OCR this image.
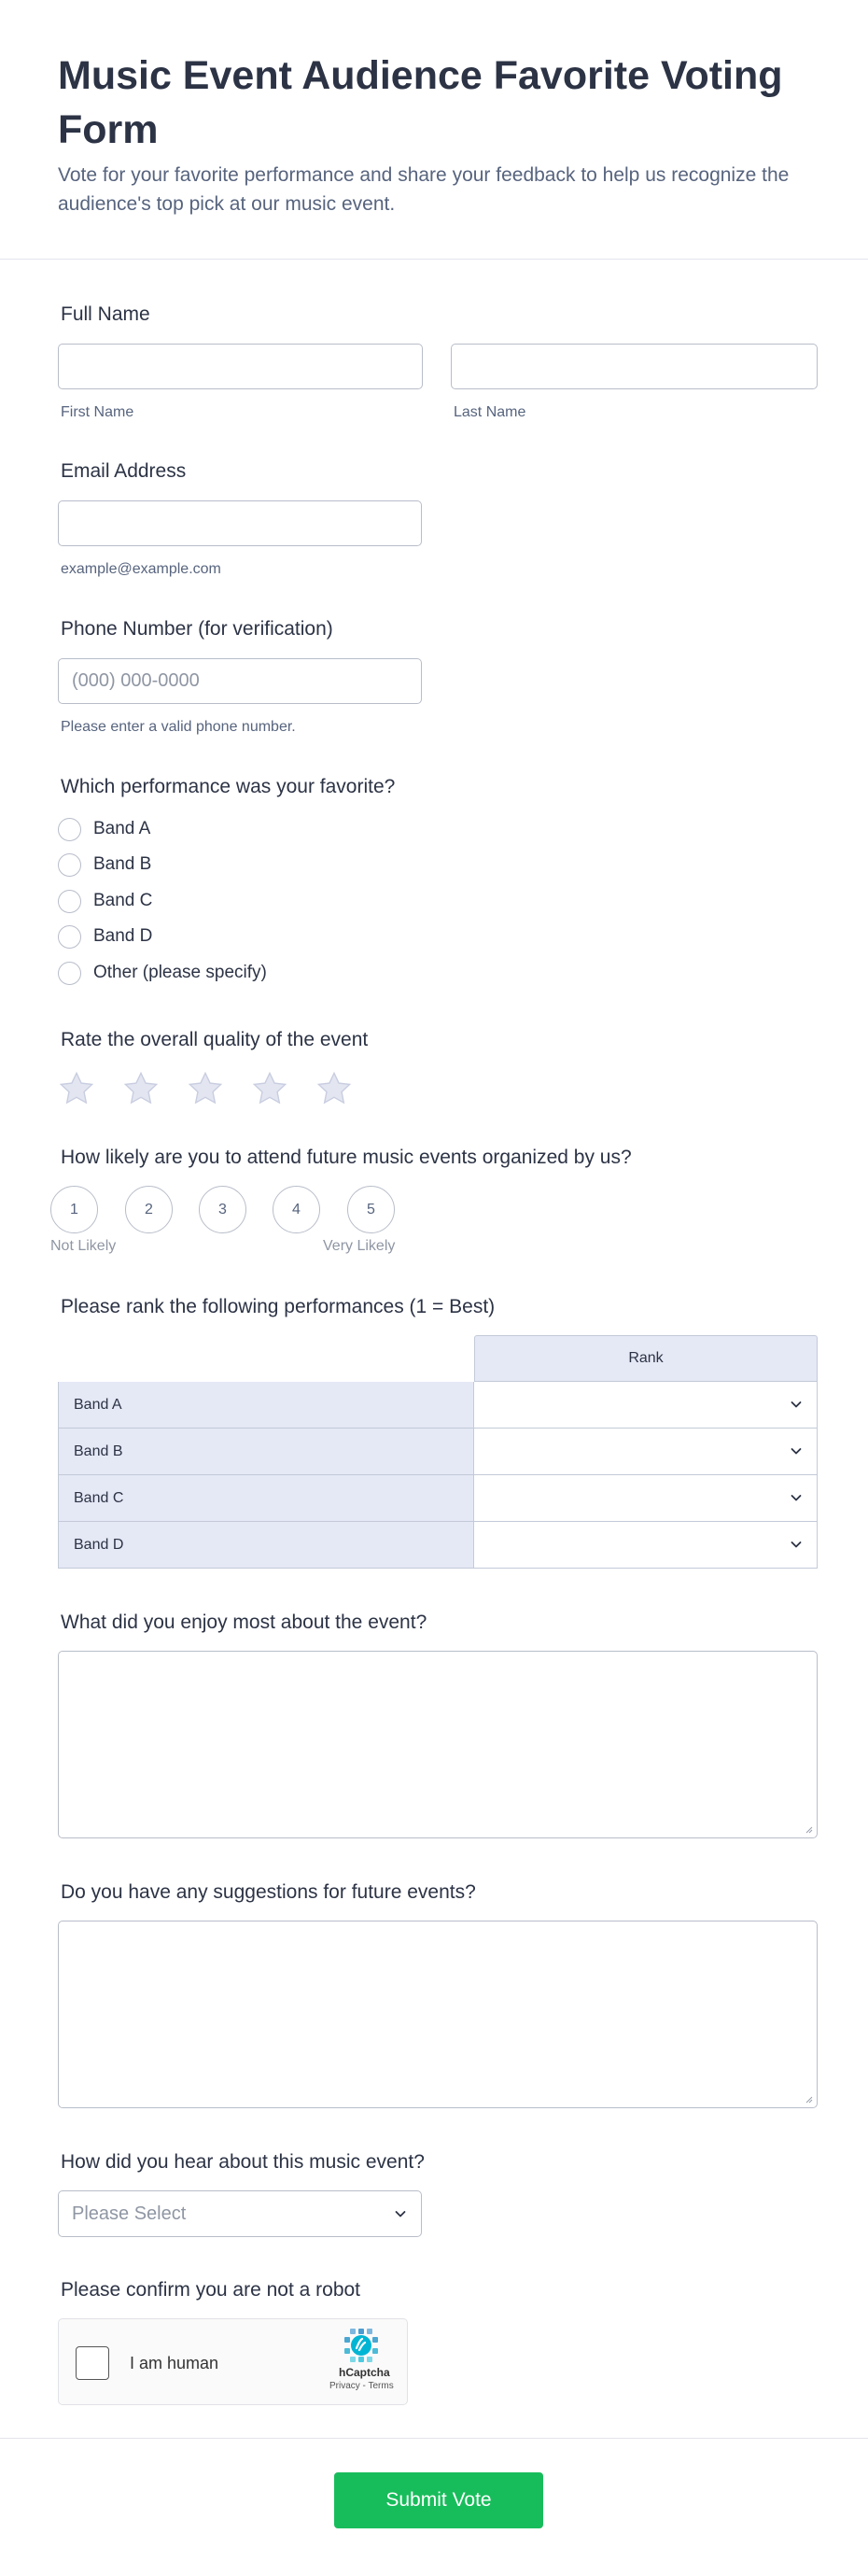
Music Event Audience Favorite Voting Form

Vote for your favorite performance and share your feedback to help us recognize the audience's top pick at our music event.

Full Name
First Name	Last Name
Email Address
example@example.com
Phone Number (for verification)
(000) 000-0000
Please enter a valid phone number.
Which performance was your favorite?
Band A
Band B
Band C
Band D
Other (please specify)
Rate the overall quality of the event
How likely are you to attend future music events organized by us?
1	2	3	4	5
Not Likely	Very Likely
Please rank the following performances (1 = Best)
Rank
Band A
Band B
Band C
Band D
What did you enjoy most about the event?
Do you have any suggestions for future events?
How did you hear about this music event?
Please Select
Please confirm you are not a robot
I am human	hCaptcha
Privacy - Terms
Submit Vote
